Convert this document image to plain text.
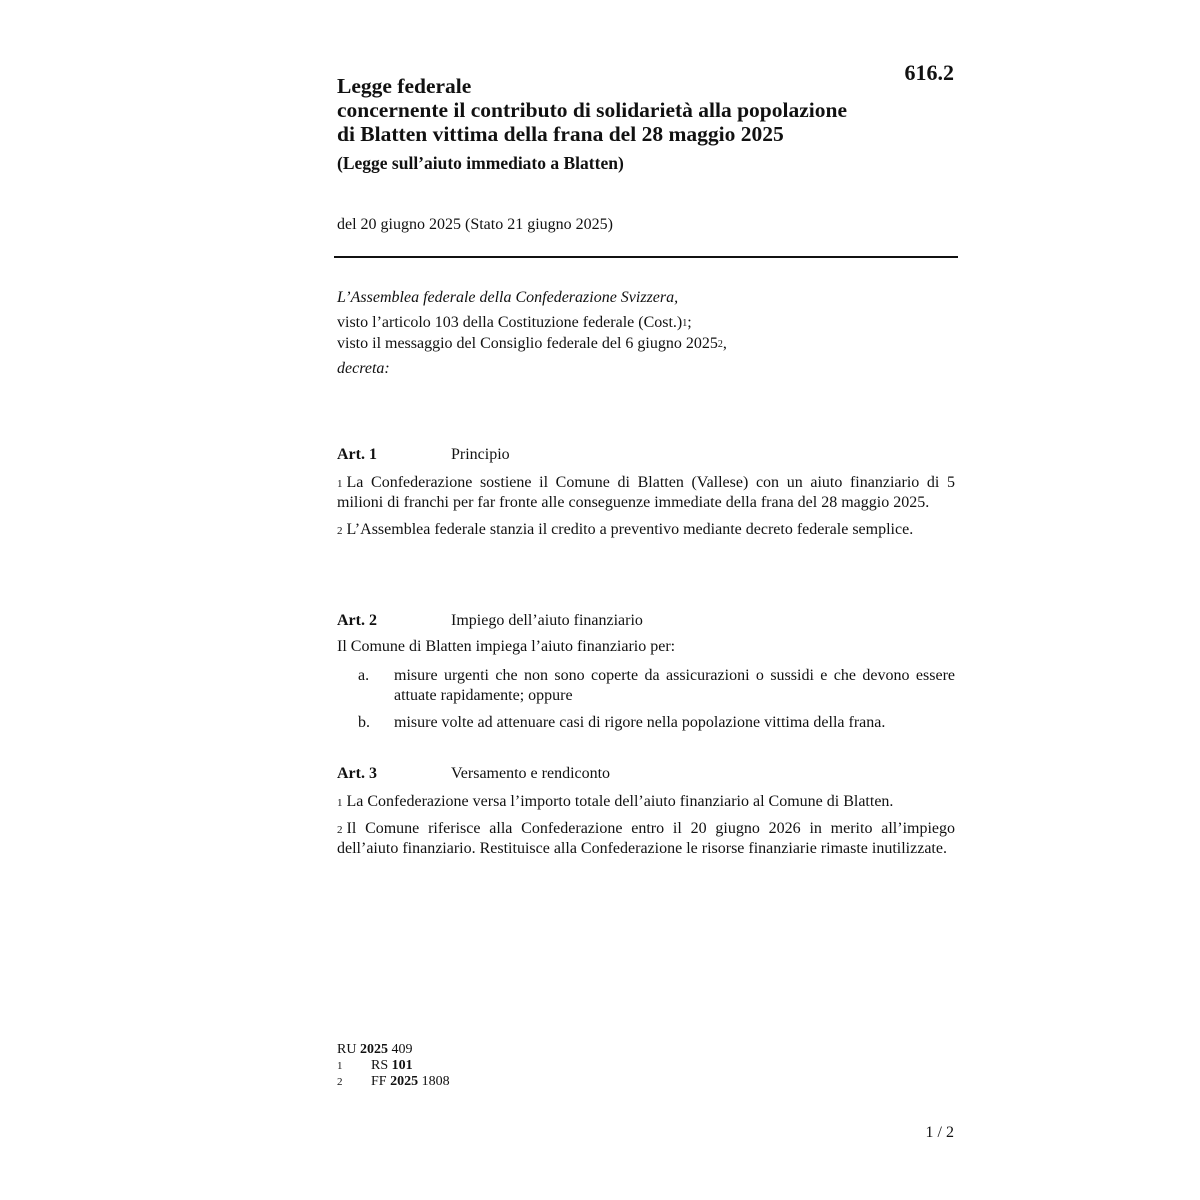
616.2

Legge federale

concernente il contributo di solidarietà alla popolazione

di Blatten vittima della frana del 28 maggio 2025

(Legge sull’aiuto immediato a Blatten)
del 20 giugno 2025 (Stato 21 giugno 2025)
L’Assemblea federale della Confederazione Svizzera,
visto l’articolo 103 della Costituzione federale (Cost.)$^1$;
visto il messaggio del Consiglio federale del 6 giugno 2025$^2$,
decreta:
Art. 1	Principio

$^1$ La Confederazione sostiene il Comune di Blatten (Vallese) con un aiuto finanziario di 5 milioni di franchi per far fronte alle conseguenze immediate della frana del 28 maggio 2025.

$^2$ L’Assemblea federale stanzia il credito a preventivo mediante decreto federale semplice.

Art. 2	Impiego dell’aiuto finanziario

Il Comune di Blatten impiega l’aiuto finanziario per:

a.	misure urgenti che non sono coperte da assicurazioni o sussidi e che devono essere attuate rapidamente; oppure
b.	misure volte ad attenuare casi di rigore nella popolazione vittima della frana.
Art. 3	Versamento e rendiconto

$^1$ La Confederazione versa l’importo totale dell’aiuto finanziario al Comune di Blatten.

$^2$ Il Comune riferisce alla Confederazione entro il 20 giugno 2026 in merito all’impiego dell’aiuto finanziario. Restituisce alla Confederazione le risorse finanziarie rimaste inutilizzate.

RU 2025 409
1	RS 101
2	FF 2025 1808
1 / 2
